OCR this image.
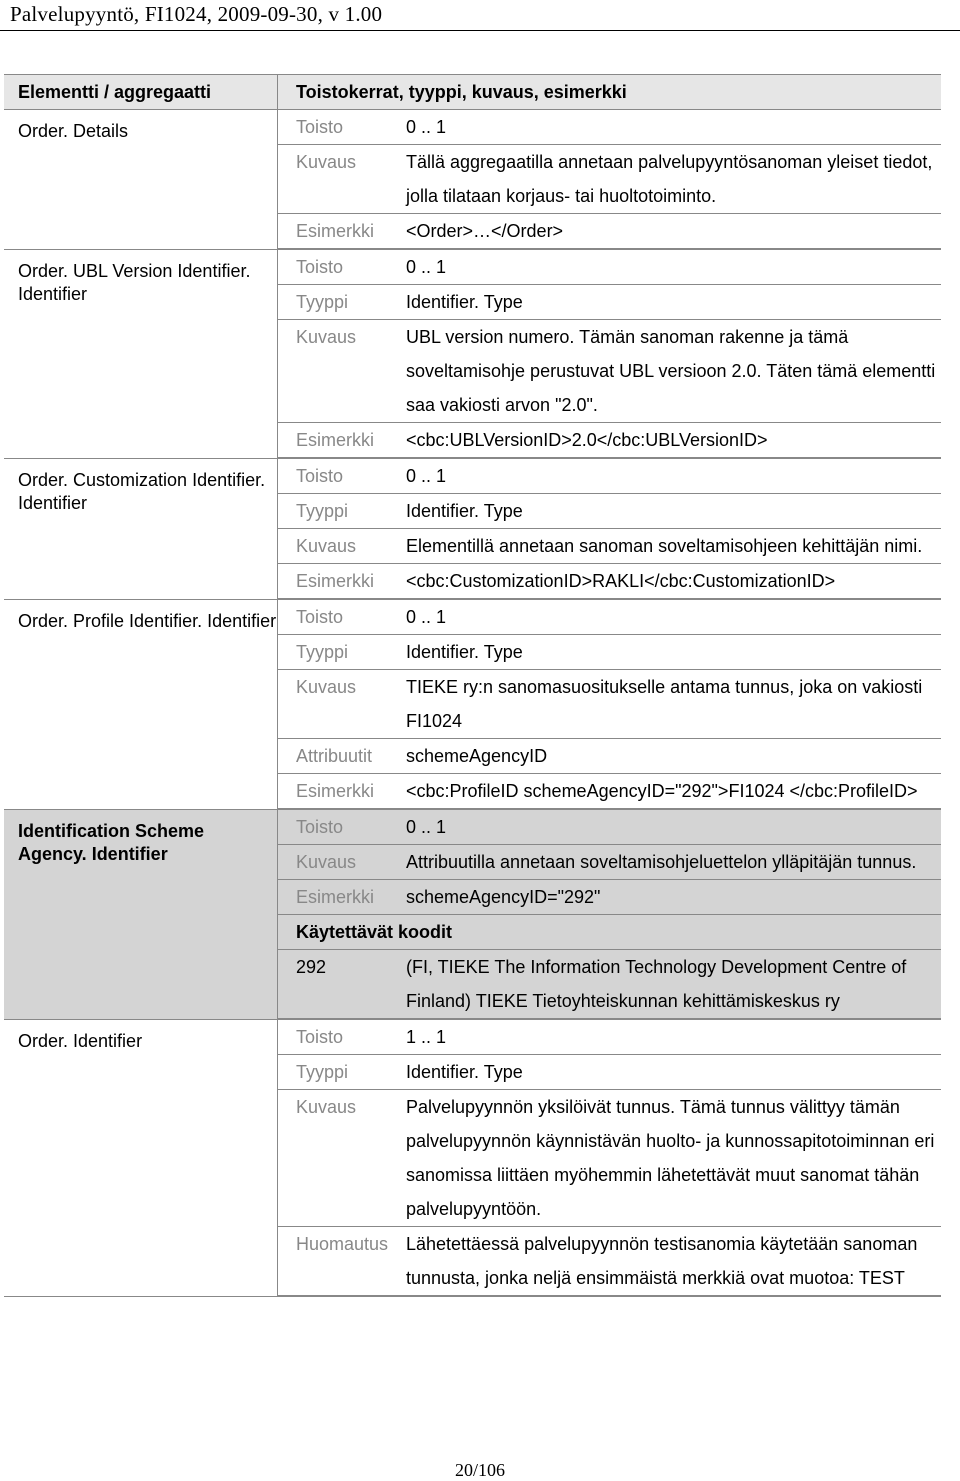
Palvelupyyntö, FI1024, 2009-09-30, v 1.00
Elementti / aggregaatti	Toistokerrat, tyyppi, kuvaus, esimerkki
Order. Details		Toisto	0 .. 1
Kuvaus	Tällä aggregaatilla annetaan palvelupyyntösanoman yleiset tiedot, jolla tilataan korjaus- tai huoltotoiminto.
Esimerkki	<Order>…</Order>

Order. UBL Version Identifier. Identifier	
Toisto	0 .. 1
Tyyppi	Identifier. Type
Kuvaus	UBL version numero. Tämän sanoman rakenne ja tämä soveltamisohje perustuvat UBL versioon 2.0. Täten tämä elementti saa vakiosti arvon "2.0".
Esimerkki	<cbc:UBLVersionID>2.0</cbc:UBLVersionID>

Order. Customization Identifier. Identifier	
Toisto	0 .. 1
Tyyppi	Identifier. Type
Kuvaus	Elementillä annetaan sanoman soveltamisohjeen kehittäjän nimi.
Esimerkki	<cbc:CustomizationID>RAKLI</cbc:CustomizationID>

Order. Profile Identifier. Identifier	Toisto	0 .. 1
Tyyppi	Identifier. Type
Kuvaus	TIEKE ry:n sanomasuositukselle antama tunnus, joka on vakiosti FI1024
Attribuutit	schemeAgencyID
Esimerkki	<cbc:ProfileID schemeAgencyID="292">FI1024 </cbc:ProfileID>

Identification Scheme Agency. Identifier	
Toisto	0 .. 1
Kuvaus	Attribuutilla annetaan soveltamisohjeluettelon ylläpitäjän tunnus.
Esimerkki	schemeAgencyID="292"
Käytettävät koodit
292	(FI, TIEKE The Information Technology Development Centre of Finland) TIEKE Tietoyhteiskunnan kehittämiskeskus ry

Order. Identifier		Toisto	1 .. 1
Tyyppi	Identifier. Type
Kuvaus	Palvelupyynnön yksilöivät tunnus. Tämä tunnus välittyy tämän palvelupyynnön käynnistävän huolto- ja kunnossapitotoiminnan eri sanomissa liittäen myöhemmin lähetettävät muut sanomat tähän palvelupyyntöön.
Huomautus	Lähetettäessä palvelupyynnön testisanomia käytetään sanoman tunnusta, jonka neljä ensimmäistä merkkiä ovat muotoa: TEST
20/106
